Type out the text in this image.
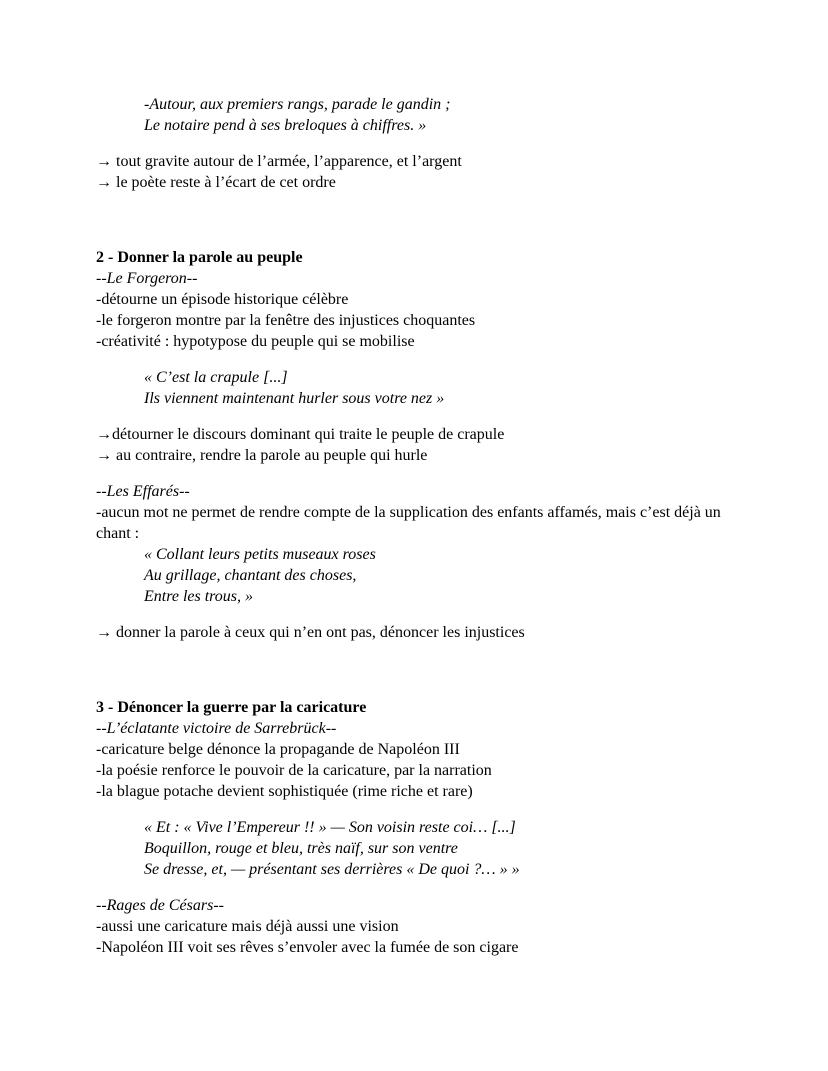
-Autour, aux premiers rangs, parade le gandin ;
Le notaire pend à ses breloques à chiffres. »
→ tout gravite autour de l’armée, l’apparence, et l’argent
→ le poète reste à l’écart de cet ordre
2 - Donner la parole au peuple
--Le Forgeron--
-détourne un épisode historique célèbre
-le forgeron montre par la fenêtre des injustices choquantes
-créativité : hypotypose du peuple qui se mobilise
« C’est la crapule [...]
Ils viennent maintenant hurler sous votre nez »
→détourner le discours dominant qui traite le peuple de crapule
→ au contraire, rendre la parole au peuple qui hurle
--Les Effarés--
-aucun mot ne permet de rendre compte de la supplication des enfants affamés, mais c’est déjà un
chant :
« Collant leurs petits museaux roses
Au grillage, chantant des choses,
Entre les trous, »
→ donner la parole à ceux qui n’en ont pas, dénoncer les injustices
3 - Dénoncer la guerre par la caricature
--L’éclatante victoire de Sarrebrück--
-caricature belge dénonce la propagande de Napoléon III
-la poésie renforce le pouvoir de la caricature, par la narration
-la blague potache devient sophistiquée (rime riche et rare)
« Et : « Vive l’Empereur !! » — Son voisin reste coi… [...]
Boquillon, rouge et bleu, très naïf, sur son ventre
Se dresse, et, — présentant ses derrières « De quoi ?… » »
--Rages de Césars--
-aussi une caricature mais déjà aussi une vision
-Napoléon III voit ses rêves s’envoler avec la fumée de son cigare
